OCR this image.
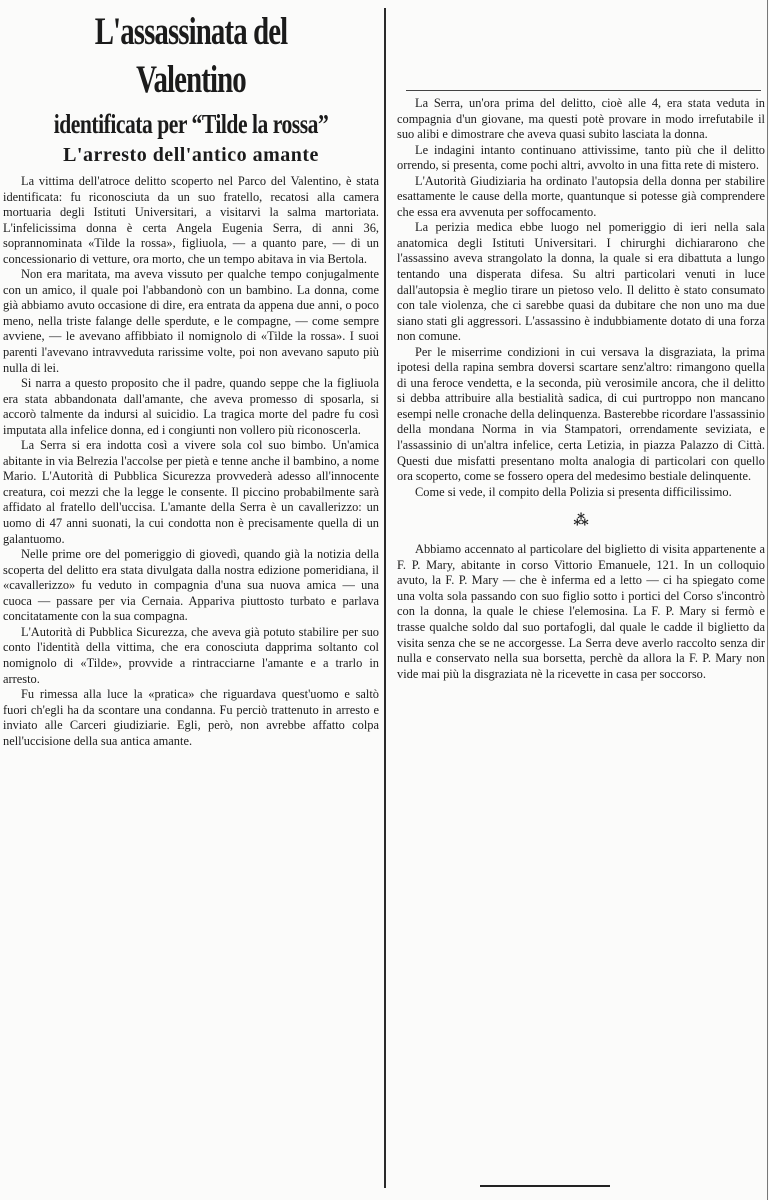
L'assassinata del Valentino
identificata per “Tilde la rossa”
L'arresto dell'antico amante

La vittima dell'atroce delitto scoperto nel Parco del Valentino, è stata identificata: fu riconosciuta da un suo fratello, recatosi alla camera mortuaria degli Istituti Universitari, a visitarvi la salma martoriata. L'infelicissima donna è certa Angela Eugenia Serra, di anni 36, soprannominata «Tilde la rossa», figliuola, — a quanto pare, — di un concessionario di vetture, ora morto, che un tempo abitava in via Bertola.

Non era maritata, ma aveva vissuto per qualche tempo conjugalmente con un amico, il quale poi l'abbandonò con un bambino. La donna, come già abbiamo avuto occasione di dire, era entrata da appena due anni, o poco meno, nella triste falange delle sperdute, e le compagne, — come sempre avviene, — le avevano affibbiato il nomignolo di «Tilde la rossa». I suoi parenti l'avevano intravveduta rarissime volte, poi non avevano saputo più nulla di lei.

Si narra a questo proposito che il padre, quando seppe che la figliuola era stata abbandonata dall'amante, che aveva promesso di sposarla, si accorò talmente da indursi al suicidio. La tragica morte del padre fu così imputata alla infelice donna, ed i congiunti non vollero più riconoscerla.

La Serra si era indotta così a vivere sola col suo bimbo. Un'amica abitante in via Belrezia l'accolse per pietà e tenne anche il bambino, a nome Mario. L'Autorità di Pubblica Sicurezza provvederà adesso all'innocente creatura, coi mezzi che la legge le consente. Il piccino probabilmente sarà affidato al fratello dell'uccisa. L'amante della Serra è un cavallerizzo: un uomo di 47 anni suonati, la cui condotta non è precisamente quella di un galantuomo.

Nelle prime ore del pomeriggio di giovedì, quando già la notizia della scoperta del delitto era stata divulgata dalla nostra edizione pomeridiana, il «cavallerizzo» fu veduto in compagnia d'una sua nuova amica — una cuoca — passare per via Cernaia. Appariva piuttosto turbato e parlava concitatamente con la sua compagna.

L'Autorità di Pubblica Sicurezza, che aveva già potuto stabilire per suo conto l'identità della vittima, che era conosciuta dapprima soltanto col nomignolo di «Tilde», provvide a rintracciarne l'amante e a trarlo in arresto.

Fu rimessa alla luce la «pratica» che riguardava quest'uomo e saltò fuori ch'egli ha da scontare una condanna. Fu perciò trattenuto in arresto e inviato alle Carceri giudiziarie. Egli, però, non avrebbe affatto colpa nell'uccisione della sua antica amante.

La Serra, un'ora prima del delitto, cioè alle 4, era stata veduta in compagnia d'un giovane, ma questi potè provare in modo irrefutabile il suo alibi e dimostrare che aveva quasi subito lasciata la donna.

Le indagini intanto continuano attivissime, tanto più che il delitto orrendo, si presenta, come pochi altri, avvolto in una fitta rete di mistero.

L'Autorità Giudiziaria ha ordinato l'autopsia della donna per stabilire esattamente le cause della morte, quantunque si potesse già comprendere che essa era avvenuta per soffocamento.

La perizia medica ebbe luogo nel pomeriggio di ieri nella sala anatomica degli Istituti Universitari. I chirurghi dichiararono che l'assassino aveva strangolato la donna, la quale si era dibattuta a lungo tentando una disperata difesa. Su altri particolari venuti in luce dall'autopsia è meglio tirare un pietoso velo. Il delitto è stato consumato con tale violenza, che ci sarebbe quasi da dubitare che non uno ma due siano stati gli aggressori. L'assassino è indubbiamente dotato di una forza non comune.

Per le miserrime condizioni in cui versava la disgraziata, la prima ipotesi della rapina sembra doversi scartare senz'altro: rimangono quella di una feroce vendetta, e la seconda, più verosimile ancora, che il delitto si debba attribuire alla bestialità sadica, di cui purtroppo non mancano esempi nelle cronache della delinquenza. Basterebbe ricordare l'assassinio della mondana Norma in via Stampatori, orrendamente seviziata, e l'assassinio di un'altra infelice, certa Letizia, in piazza Palazzo di Città. Questi due misfatti presentano molta analogia di particolari con quello ora scoperto, come se fossero opera del medesimo bestiale delinquente.

Come si vede, il compito della Polizia si presenta difficilissimo.

⁂

Abbiamo accennato al particolare del biglietto di visita appartenente a F. P. Mary, abitante in corso Vittorio Emanuele, 121. In un colloquio avuto, la F. P. Mary — che è inferma ed a letto — ci ha spiegato come una volta sola passando con suo figlio sotto i portici del Corso s'incontrò con la donna, la quale le chiese l'elemosina. La F. P. Mary si fermò e trasse qualche soldo dal suo portafogli, dal quale le cadde il biglietto da visita senza che se ne accorgesse. La Serra deve averlo raccolto senza dir nulla e conservato nella sua borsetta, perchè da allora la F. P. Mary non vide mai più la disgraziata nè la ricevette in casa per soccorso.
